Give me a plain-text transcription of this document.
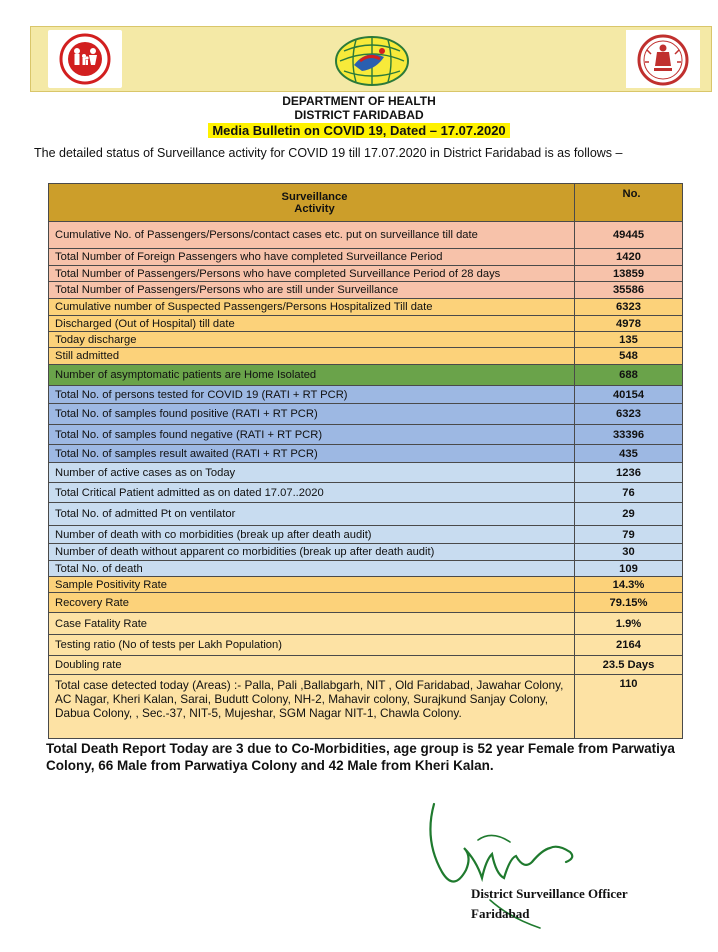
DEPARTMENT OF HEALTH
DISTRICT FARIDABAD
Media Bulletin on COVID 19, Dated – 17.07.2020
The detailed status of Surveillance activity for COVID 19 till 17.07.2020 in District Faridabad is as follows –
Surveillance
Activity	No.
Cumulative No. of Passengers/Persons/contact cases etc. put on surveillance till date	49445
Total Number of Foreign Passengers who have completed Surveillance Period	1420
Total Number of Passengers/Persons who have completed Surveillance Period of 28 days	13859
Total Number of Passengers/Persons who are still under Surveillance	35586
Cumulative number of Suspected Passengers/Persons Hospitalized Till date	6323
Discharged (Out of Hospital) till date	4978
Today discharge	135
Still admitted	548
Number of asymptomatic patients are Home Isolated	688
Total No. of persons tested for COVID 19 (RATI + RT PCR)	40154
Total No. of samples found positive (RATI + RT PCR)	6323
Total No. of samples found negative (RATI + RT PCR)	33396
Total No. of samples result awaited (RATI + RT PCR)	435
Number of active cases as on Today	1236
Total Critical Patient admitted as on dated 17.07..2020	76
Total No. of admitted Pt on ventilator	29
Number of death with co morbidities (break up after death audit)	79
Number of death without apparent co morbidities (break up after death audit)	30
Total No. of death	109
Sample Positivity Rate	14.3%
Recovery Rate	79.15%
Case Fatality Rate	1.9%
Testing ratio (No of tests per Lakh Population)	2164
Doubling rate	23.5 Days
Total case detected today (Areas) :- Palla, Pali ,Ballabgarh, NIT , Old Faridabad, Jawahar Colony, AC Nagar, Kheri Kalan, Sarai, Budutt Colony, NH-2, Mahavir colony, Surajkund Sanjay Colony, Dabua Colony, , Sec.-37, NIT-5, Mujeshar, SGM Nagar NIT-1, Chawla Colony.	110
Total Death Report Today are 3 due to Co-Morbidities, age group is 52 year Female from Parwatiya Colony, 66 Male from Parwatiya Colony and 42 Male from Kheri Kalan.
District Surveillance Officer
Faridabad
